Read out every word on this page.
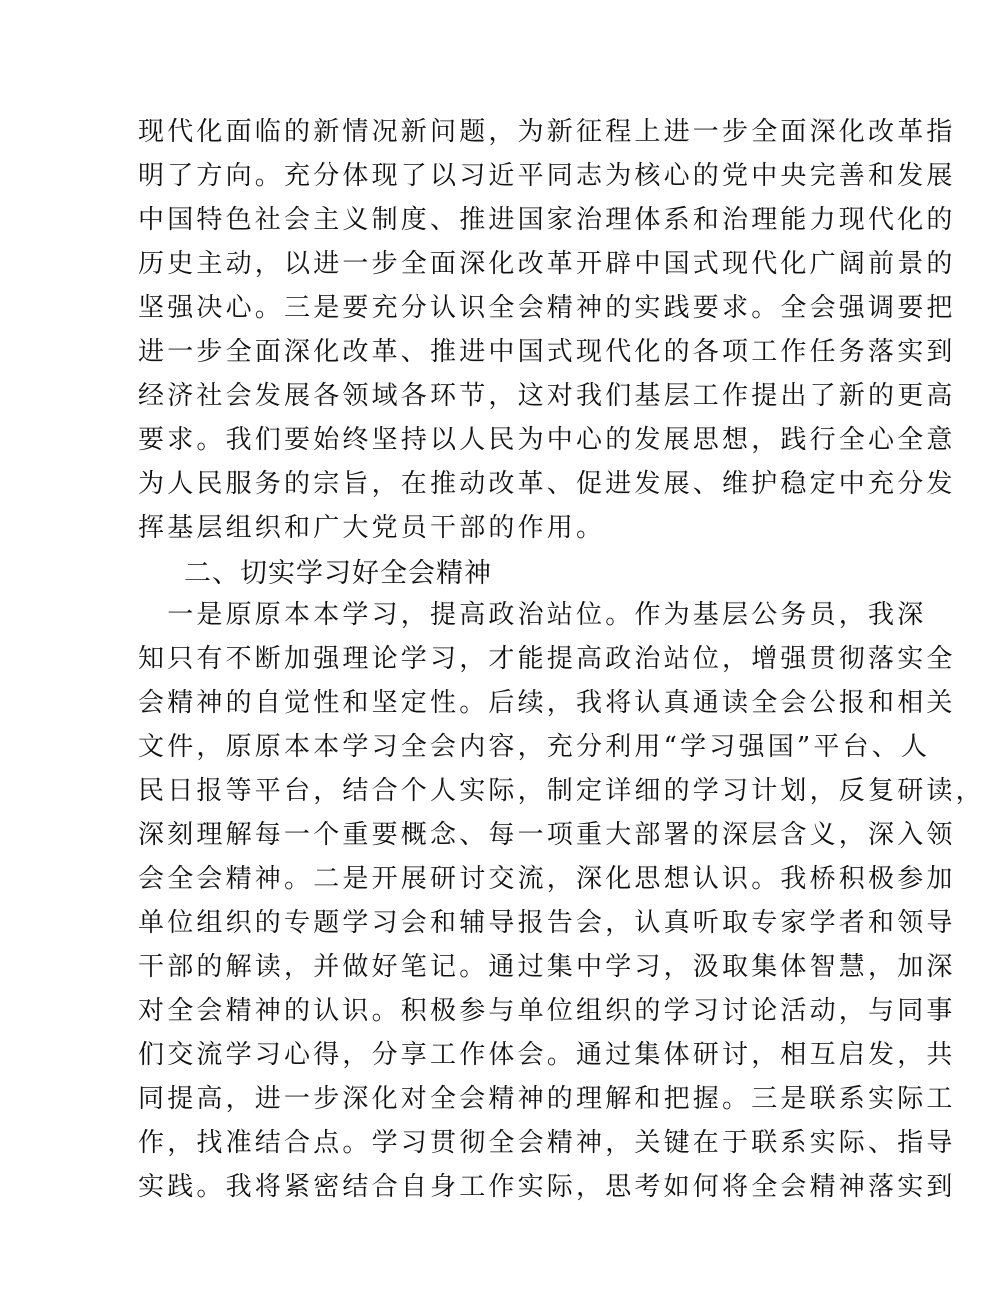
现代化面临的新情况新问题，为新征程上进一步全面深化改革指
明了方向。充分体现了以习近平同志为核心的党中央完善和发展
中国特色社会主义制度、推进国家治理体系和治理能力现代化的
历史主动，以进一步全面深化改革开辟中国式现代化广阔前景的
坚强决心。三是要充分认识全会精神的实践要求。全会强调要把
进一步全面深化改革、推进中国式现代化的各项工作任务落实到
经济社会发展各领域各环节，这对我们基层工作提出了新的更高
要求。我们要始终坚持以人民为中心的发展思想，践行全心全意
为人民服务的宗旨，在推动改革、促进发展、维护稳定中充分发
挥基层组织和广大党员干部的作用。
二、切实学习好全会精神
　一是原原本本学习，提高政治站位。作为基层公务员，我深
知只有不断加强理论学习，才能提高政治站位，增强贯彻落实全
会精神的自觉性和坚定性。后续，我将认真通读全会公报和相关
文件，原原本本学习全会内容，充分利用“学习强国”平台、人
民日报等平台，结合个人实际，制定详细的学习计划，反复研读，
深刻理解每一个重要概念、每一项重大部署的深层含义，深入领
会全会精神。二是开展研讨交流，深化思想认识。我桥积极参加
单位组织的专题学习会和辅导报告会，认真听取专家学者和领导
干部的解读，并做好笔记。通过集中学习，汲取集体智慧，加深
对全会精神的认识。积极参与单位组织的学习讨论活动，与同事
们交流学习心得，分享工作体会。通过集体研讨，相互启发，共
同提高，进一步深化对全会精神的理解和把握。三是联系实际工
作，找准结合点。学习贯彻全会精神，关键在于联系实际、指导
实践。我将紧密结合自身工作实际，思考如何将全会精神落实到
